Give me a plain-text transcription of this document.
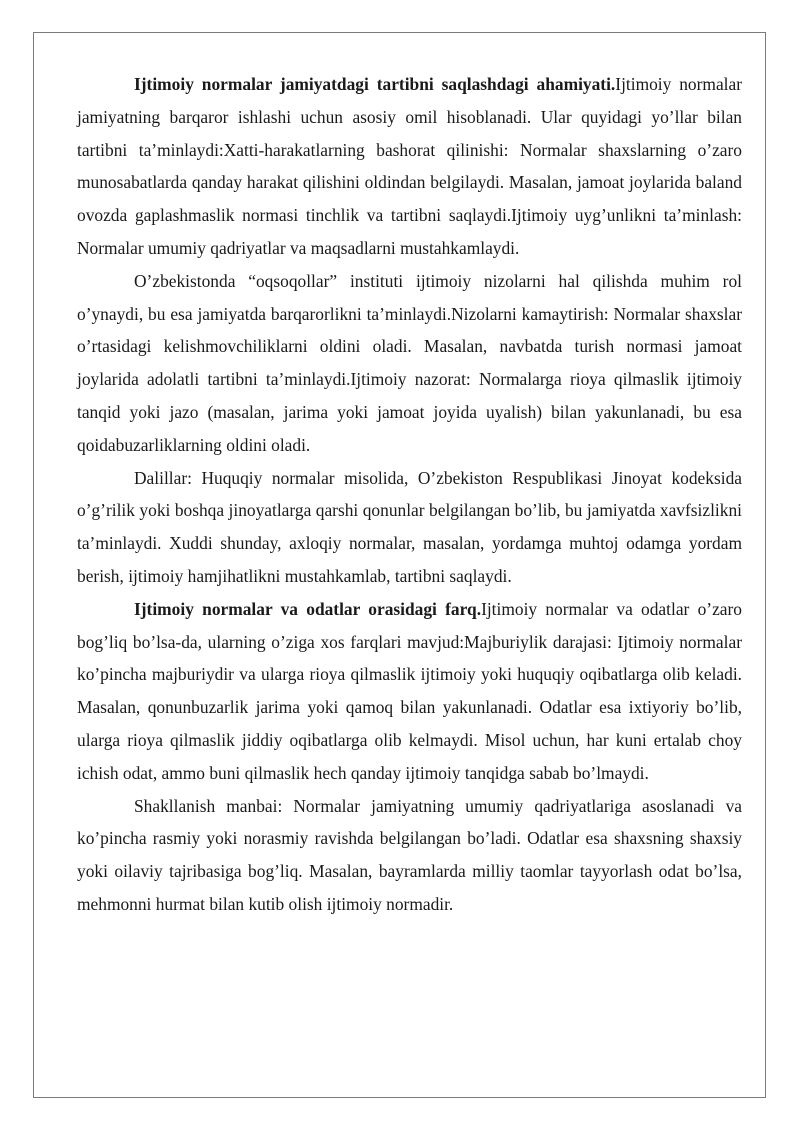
Ijtimoiy normalar jamiyatdagi tartibni saqlashdagi ahamiyati.Ijtimoiy normalar jamiyatning barqaror ishlashi uchun asosiy omil hisoblanadi. Ular quyidagi yo’llar bilan tartibni ta’minlaydi:Xatti-harakatlarning bashorat qilinishi: Normalar shaxslarning o’zaro munosabatlarda qanday harakat qilishini oldindan belgilaydi. Masalan, jamoat joylarida baland ovozda gaplashmaslik normasi tinchlik va tartibni saqlaydi.Ijtimoiy uyg’unlikni ta’minlash: Normalar umumiy qadriyatlar va maqsadlarni mustahkamlaydi.

O’zbekistonda “oqsoqollar” instituti ijtimoiy nizolarni hal qilishda muhim rol o’ynaydi, bu esa jamiyatda barqarorlikni ta’minlaydi.Nizolarni kamaytirish: Normalar shaxslar o’rtasidagi kelishmovchiliklarni oldini oladi. Masalan, navbatda turish normasi jamoat joylarida adolatli tartibni ta’minlaydi.Ijtimoiy nazorat: Normalarga rioya qilmaslik ijtimoiy tanqid yoki jazo (masalan, jarima yoki jamoat joyida uyalish) bilan yakunlanadi, bu esa qoidabuzarliklarning oldini oladi.

Dalillar: Huquqiy normalar misolida, O’zbekiston Respublikasi Jinoyat kodeksida o’g’rilik yoki boshqa jinoyatlarga qarshi qonunlar belgilangan bo’lib, bu jamiyatda xavfsizlikni ta’minlaydi. Xuddi shunday, axloqiy normalar, masalan, yordamga muhtoj odamga yordam berish, ijtimoiy hamjihatlikni mustahkamlab, tartibni saqlaydi.

Ijtimoiy normalar va odatlar orasidagi farq.Ijtimoiy normalar va odatlar o’zaro bog’liq bo’lsa-da, ularning o’ziga xos farqlari mavjud:Majburiylik darajasi: Ijtimoiy normalar ko’pincha majburiydir va ularga rioya qilmaslik ijtimoiy yoki huquqiy oqibatlarga olib keladi. Masalan, qonunbuzarlik jarima yoki qamoq bilan yakunlanadi. Odatlar esa ixtiyoriy bo’lib, ularga rioya qilmaslik jiddiy oqibatlarga olib kelmaydi. Misol uchun, har kuni ertalab choy ichish odat, ammo buni qilmaslik hech qanday ijtimoiy tanqidga sabab bo’lmaydi.

Shakllanish manbai: Normalar jamiyatning umumiy qadriyatlariga asoslanadi va ko’pincha rasmiy yoki norasmiy ravishda belgilangan bo’ladi. Odatlar esa shaxsning shaxsiy yoki oilaviy tajribasiga bog’liq. Masalan, bayramlarda milliy taomlar tayyorlash odat bo’lsa, mehmonni hurmat bilan kutib olish ijtimoiy normadir.
